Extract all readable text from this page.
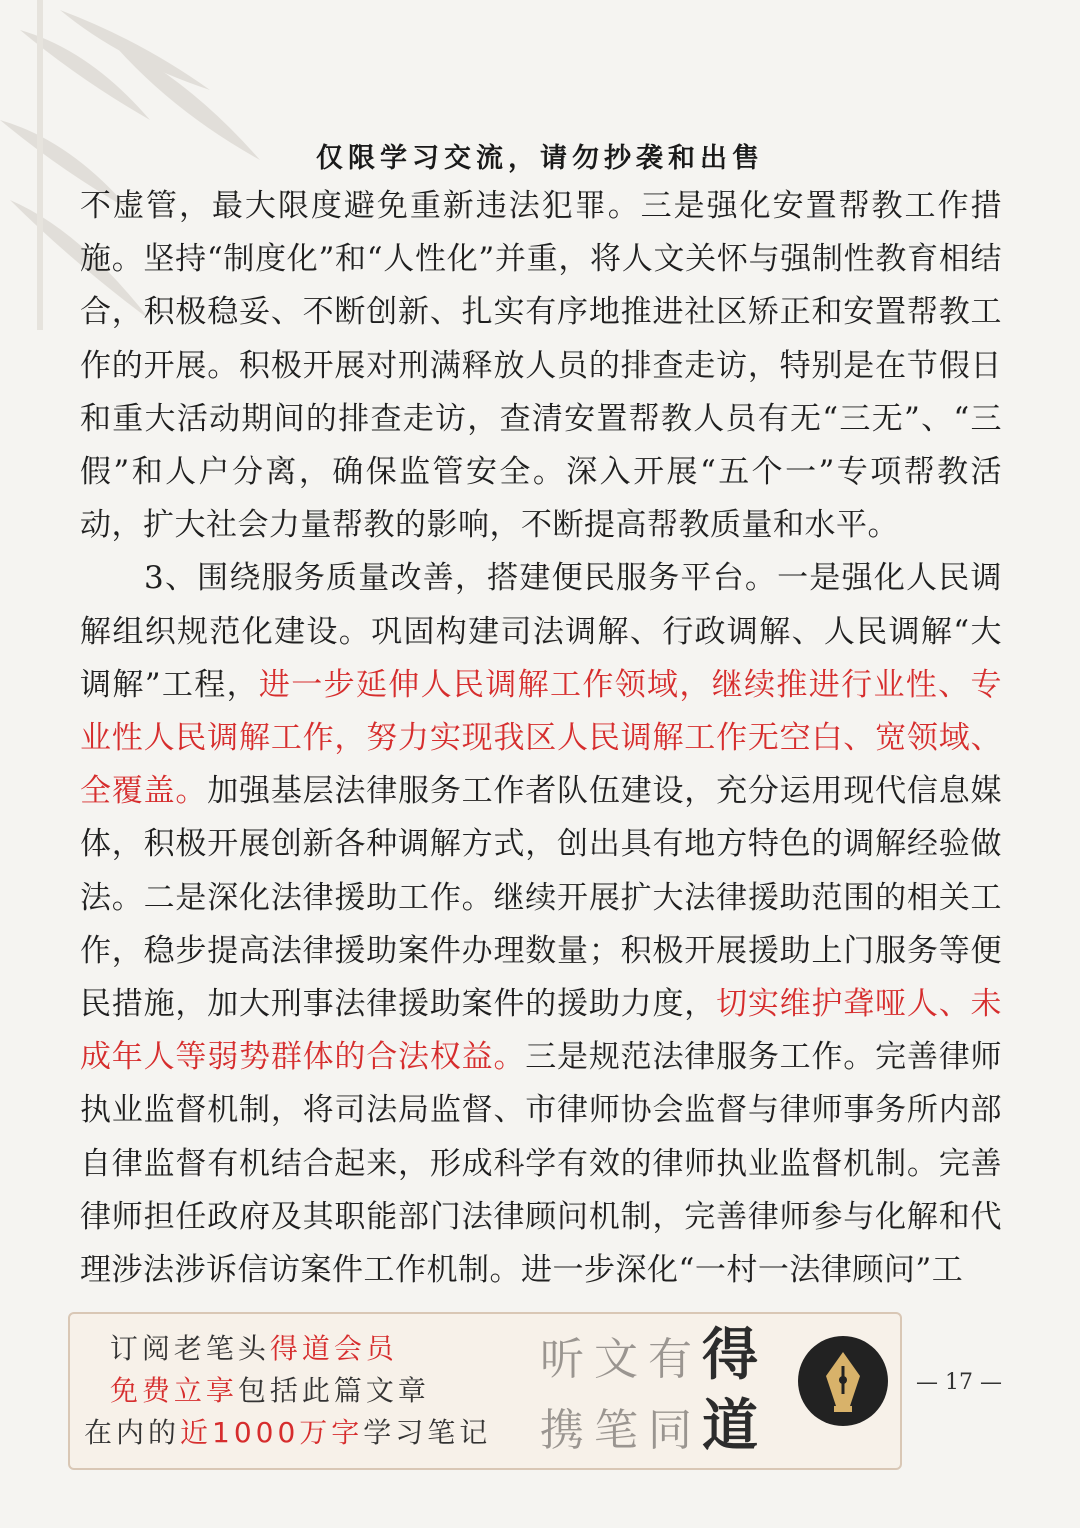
仅限学习交流，请勿抄袭和出售

不虚管，最大限度避免重新违法犯罪。三是强化安置帮教工作措施。坚持“制度化”和“人性化”并重，将人文关怀与强制性教育相结合，积极稳妥、不断创新、扎实有序地推进社区矫正和安置帮教工作的开展。积极开展对刑满释放人员的排查走访，特别是在节假日和重大活动期间的排查走访，查清安置帮教人员有无“三无”、“三假”和人户分离，确保监管安全。深入开展“五个一”专项帮教活动，扩大社会力量帮教的影响，不断提高帮教质量和水平。

3、围绕服务质量改善，搭建便民服务平台。一是强化人民调解组织规范化建设。巩固构建司法调解、行政调解、人民调解“大调解”工程，进一步延伸人民调解工作领域，继续推进行业性、专业性人民调解工作，努力实现我区人民调解工作无空白、宽领域、全覆盖。加强基层法律服务工作者队伍建设，充分运用现代信息媒体，积极开展创新各种调解方式，创出具有地方特色的调解经验做法。二是深化法律援助工作。继续开展扩大法律援助范围的相关工作，稳步提高法律援助案件办理数量；积极开展援助上门服务等便民措施，加大刑事法律援助案件的援助力度，切实维护聋哑人、未成年人等弱势群体的合法权益。三是规范法律服务工作。完善律师执业监督机制，将司法局监督、市律师协会监督与律师事务所内部自律监督有机结合起来，形成科学有效的律师执业监督机制。完善律师担任政府及其职能部门法律顾问机制，完善律师参与化解和代理涉法涉诉信访案件工作机制。进一步深化“一村一法律顾问”工

订阅老笔头得道会员
免费立享包括此篇文章
在内的近1000万字学习笔记
听文有得
携笔同道
— 17 —
